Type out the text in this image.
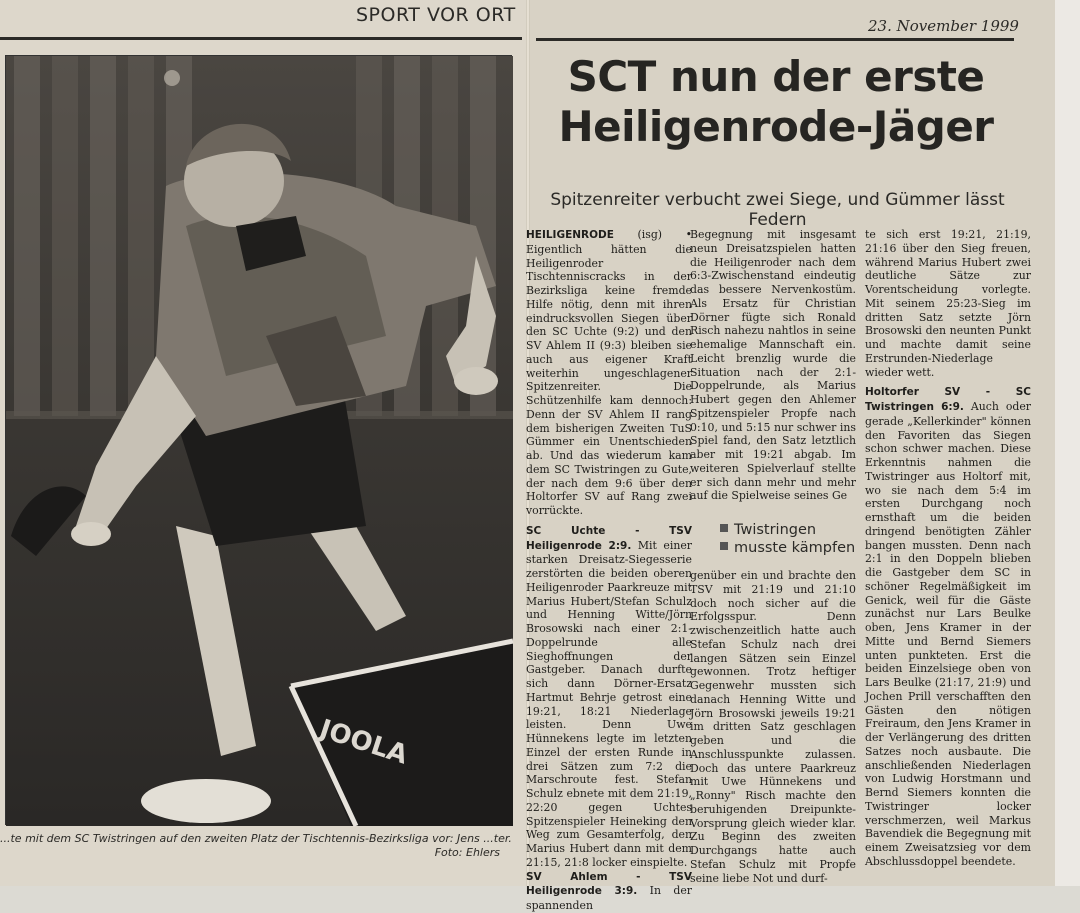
SPORT VOR ORT	23. November 1999
SCT nun der erste
Heiligenrode-Jäger
Spitzenreiter verbucht zwei Siege, und Gümmer lässt Federn
JOOLA
...te mit dem SC Twistringen auf den zweiten Platz der Tischtennis-Bezirksliga vor: Jens ...ter.
Foto: Ehlers

HEILIGENRODE (isg) • Eigentlich hätten die Heiligenroder Tischtenniscracks in der Bezirksliga keine fremde Hilfe nötig, denn mit ihren eindrucksvollen Siegen über den SC Uchte (9:2) und den SV Ahlem II (9:3) bleiben sie auch aus eigener Kraft weiterhin ungeschlagener Spitzenreiter. Die Schützenhilfe kam dennoch: Denn der SV Ahlem II rang dem bisherigen Zweiten TuS Gümmer ein Unentschieden ab. Und das wiederum kam dem SC Twistringen zu Gute, der nach dem 9:6 über den Holtorfer SV auf Rang zwei vorrückte.

SC Uchte - TSV Heiligenrode 2:9. Mit einer starken Dreisatz-Siegesserie zerstörten die beiden oberen Heiligenroder Paarkreuze mit Marius Hubert/Stefan Schulz und Henning Witte/Jörn Brosowski nach einer 2:1-Doppelrunde alle Sieghoffnungen der Gastgeber. Danach durfte sich dann Dörner-Ersatz Hartmut Behrje getrost eine 19:21, 18:21 Niederlage leisten. Denn Uwe Hünnekens legte im letzten Einzel der ersten Runde in drei Sätzen zum 7:2 die Marschroute fest. Stefan Schulz ebnete mit dem 21:19, 22:20 gegen Uchtes Spitzenspieler Heineking den Weg zum Gesamterfolg, den Marius Hubert dann mit dem 21:15, 21:8 locker einspielte.

SV Ahlem - TSV Heiligenrode 3:9. In der spannenden

Begegnung mit insgesamt neun Dreisatzspielen hatten die Heiligenroder nach dem 6:3-Zwischenstand eindeutig das bessere Nervenkostüm. Als Ersatz für Christian Dörner fügte sich Ronald Risch nahezu nahtlos in seine ehemalige Mannschaft ein. Leicht brenzlig wurde die Situation nach der 2:1-Doppelrunde, als Marius Hubert gegen den Ahlemer Spitzenspieler Propfe nach 0:10, und 5:15 nur schwer ins Spiel fand, den Satz letztlich aber mit 19:21 abgab. Im weiteren Spielverlauf stellte er sich dann mehr und mehr auf die Spielweise seines Ge

Twistringen
musste kämpfen

genüber ein und brachte den TSV mit 21:19 und 21:10 doch noch sicher auf die Erfolgsspur. Denn zwischenzeitlich hatte auch Stefan Schulz nach drei langen Sätzen sein Einzel gewonnen. Trotz heftiger Gegenwehr mussten sich danach Henning Witte und Jörn Brosowski jeweils 19:21 im dritten Satz geschlagen geben und die Anschlusspunkte zulassen. Doch das untere Paarkreuz mit Uwe Hünnekens und „Ronny" Risch machte den beruhigenden Dreipunkte-Vorsprung gleich wieder klar. Zu Beginn des zweiten Durchgangs hatte auch Stefan Schulz mit Propfe seine liebe Not und durf-

te sich erst 19:21, 21:19, 21:16 über den Sieg freuen, während Marius Hubert zwei deutliche Sätze zur Vorentscheidung vorlegte. Mit seinem 25:23-Sieg im dritten Satz setzte Jörn Brosowski den neunten Punkt und machte damit seine Erstrunden-Niederlage wieder wett.

Holtorfer SV - SC Twistringen 6:9. Auch oder gerade „Kellerkinder" können den Favoriten das Siegen schon schwer machen. Diese Erkenntnis nahmen die Twistringer aus Holtorf mit, wo sie nach dem 5:4 im ersten Durchgang noch ernsthaft um die beiden dringend benötigten Zähler bangen mussten. Denn nach 2:1 in den Doppeln blieben die Gastgeber dem SC in schöner Regelmäßigkeit im Genick, weil für die Gäste zunächst nur Lars Beulke oben, Jens Kramer in der Mitte und Bernd Siemers unten punkteten. Erst die beiden Einzelsiege oben von Lars Beulke (21:17, 21:9) und Jochen Prill verschafften den Gästen den nötigen Freiraum, den Jens Kramer in der Verlängerung des dritten Satzes noch ausbaute. Die anschließenden Niederlagen von Ludwig Horstmann und Bernd Siemers konnten die Twistringer locker verschmerzen, weil Markus Bavendiek die Begegnung mit einem Zweisatzsieg vor dem Abschlussdoppel beendete.
